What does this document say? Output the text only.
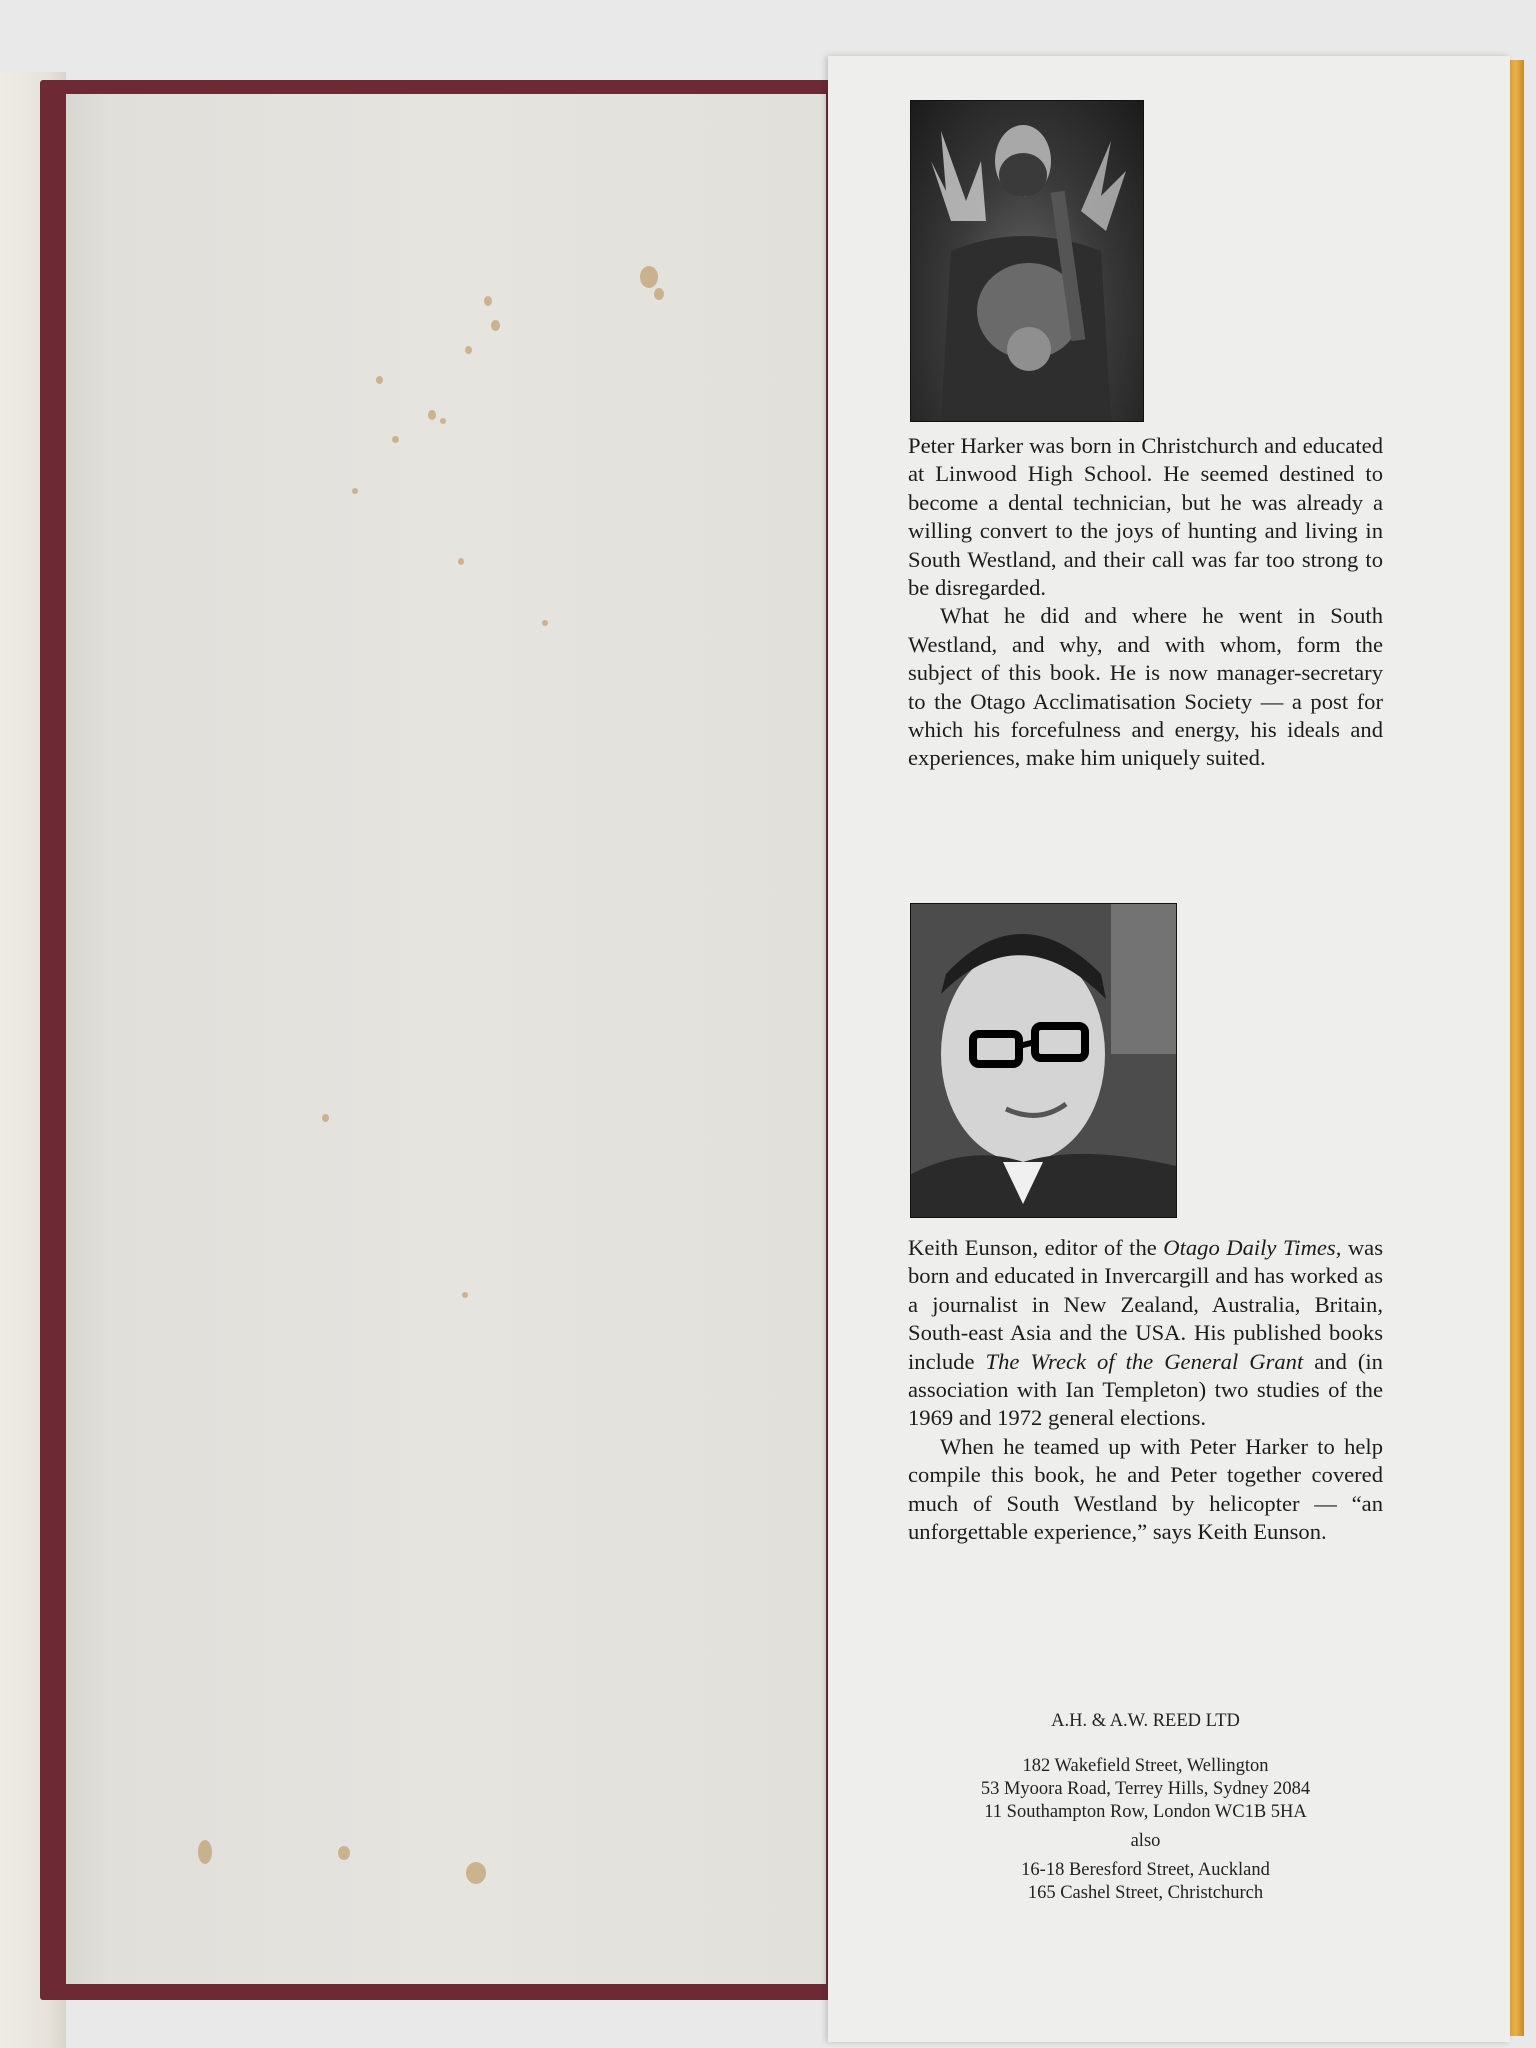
Peter Harker was born in Christchurch and educated at Linwood High School. He seemed destined to become a dental technician, but he was already a willing convert to the joys of hunting and living in South Westland, and their call was far too strong to be disregarded.

What he did and where he went in South Westland, and why, and with whom, form the subject of this book. He is now manager-secretary to the Otago Acclimatisation Society — a post for which his forcefulness and energy, his ideals and experiences, make him uniquely suited.

Keith Eunson, editor of the Otago Daily Times, was born and educated in Invercargill and has worked as a journalist in New Zealand, Australia, Britain, South-east Asia and the USA. His published books include The Wreck of the General Grant and (in association with Ian Templeton) two studies of the 1969 and 1972 general elections.

When he teamed up with Peter Harker to help compile this book, he and Peter together covered much of South Westland by helicopter — “an unforgettable experience,” says Keith Eunson.

A.H. & A.W. REED LTD
182 Wakefield Street, Wellington
53 Myoora Road, Terrey Hills, Sydney 2084
11 Southampton Row, London WC1B 5HA
also
16-18 Beresford Street, Auckland
165 Cashel Street, Christchurch
